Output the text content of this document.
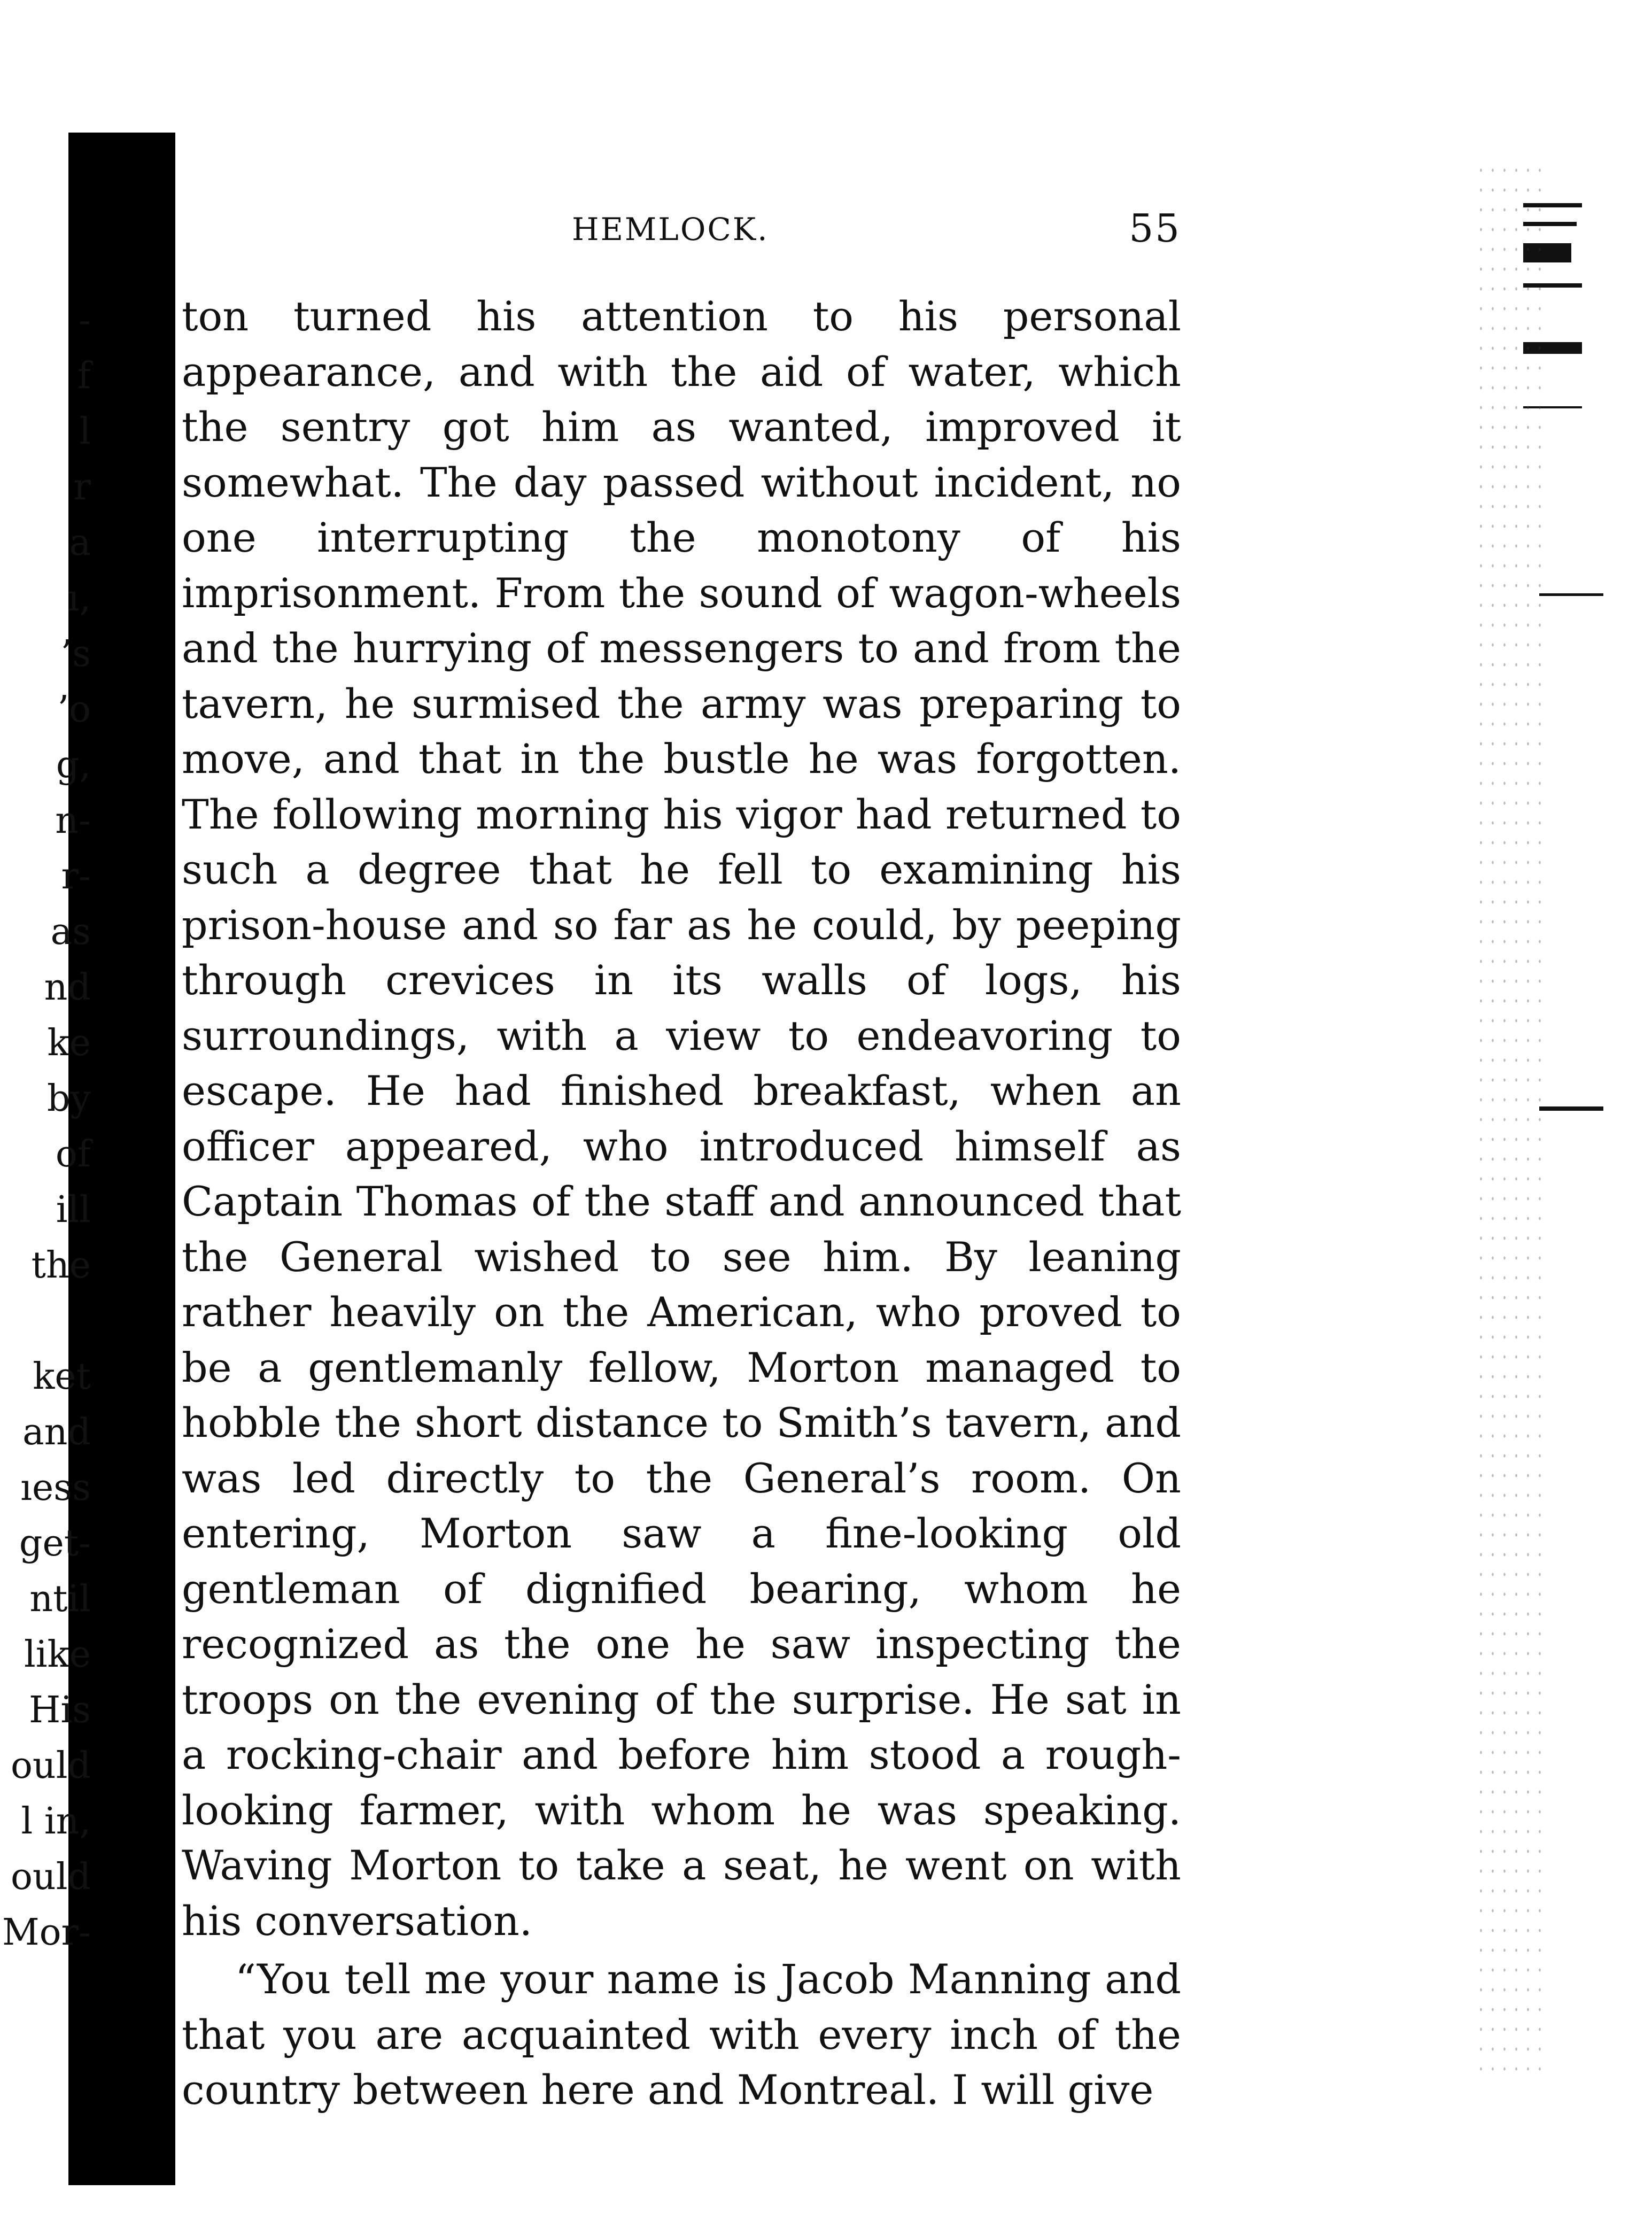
-
f
l
r
a
ı,
’s
’o
g,
n-
r-
as
nd
ke
by
of
ill
the
ket
and
ıess
get-
ntil
like
His
ould
l in,
ould
Mor-
HEMLOCK.	55

ton turned his attention to his personal appearance, and with the aid of water, which the sentry got him as wanted, improved it somewhat. The day passed without incident, no one interrupting the monotony of his imprisonment. From the sound of wagon-wheels and the hurrying of messengers to and from the tavern, he surmised the army was preparing to move, and that in the bustle he was forgotten. The following morning his vigor had returned to such a degree that he fell to examining his prison-house and so far as he could, by peeping through crevices in its walls of logs, his surroundings, with a view to endeavoring to escape. He had finished breakfast, when an officer appeared, who introduced himself as Captain Thomas of the staff and announced that the General wished to see him. By leaning rather heavily on the American, who proved to be a gentlemanly fellow, Morton managed to hobble the short distance to Smith’s tavern, and was led directly to the General’s room. On entering, Morton saw a fine-looking old gentleman of dignified bearing, whom he recognized as the one he saw inspecting the troops on the evening of the surprise. He sat in a rocking-chair and before him stood a rough-looking farmer, with whom he was speaking. Waving Morton to take a seat, he went on with his conversation.

“You tell me your name is Jacob Manning and that you are acquainted with every inch of the country between here and Montreal. I will give
